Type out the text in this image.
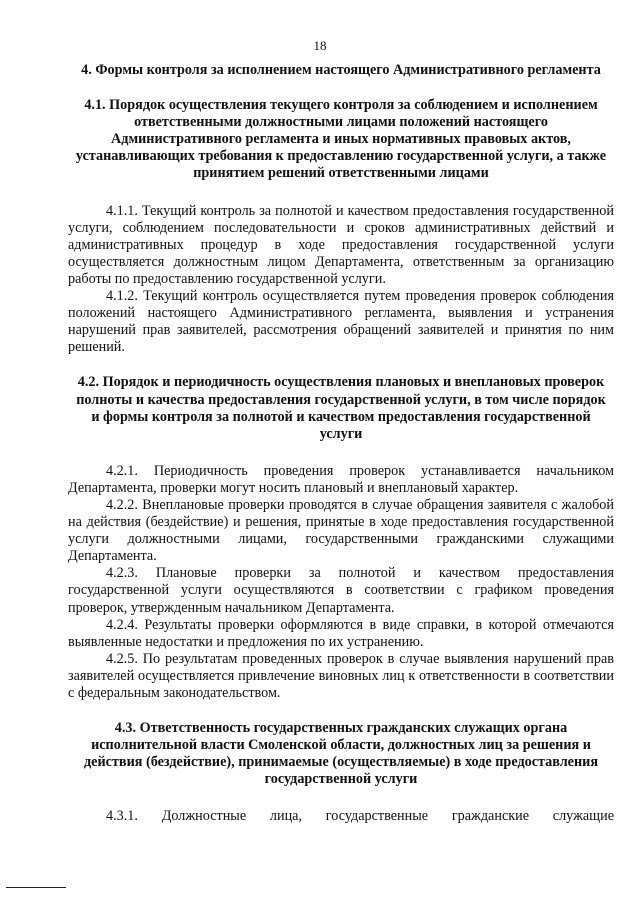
18
4. Формы контроля за исполнением настоящего Административного регламента
4.1. Порядок осуществления текущего контроля за соблюдением и исполнением ответственными должностными лицами положений настоящего Административного регламента и иных нормативных правовых актов, устанавливающих требования к предоставлению государственной услуги, а также принятием решений ответственными лицами

4.1.1. Текущий контроль за полнотой и качеством предоставления государственной услуги, соблюдением последовательности и сроков административных действий и административных процедур в ходе предоставления государственной услуги осуществляется должностным лицом Департамента, ответственным за организацию работы по предоставлению государственной услуги.

4.1.2. Текущий контроль осуществляется путем проведения проверок соблюдения положений настоящего Административного регламента, выявления и устранения нарушений прав заявителей, рассмотрения обращений заявителей и принятия по ним решений.

4.2. Порядок и периодичность осуществления плановых и внеплановых проверок полноты и качества предоставления государственной услуги, в том числе порядок и формы контроля за полнотой и качеством предоставления государственной услуги

4.2.1. Периодичность проведения проверок устанавливается начальником Департамента, проверки могут носить плановый и внеплановый характер.

4.2.2. Внеплановые проверки проводятся в случае обращения заявителя с жалобой на действия (бездействие) и решения, принятые в ходе предоставления государственной услуги должностными лицами, государственными гражданскими служащими Департамента.

4.2.3. Плановые проверки за полнотой и качеством предоставления государственной услуги осуществляются в соответствии с графиком проведения проверок, утвержденным начальником Департамента.

4.2.4. Результаты проверки оформляются в виде справки, в которой отмечаются выявленные недостатки и предложения по их устранению.

4.2.5. По результатам проведенных проверок в случае выявления нарушений прав заявителей осуществляется привлечение виновных лиц к ответственности в соответствии с федеральным законодательством.

4.3. Ответственность государственных гражданских служащих органа исполнительной власти Смоленской области, должностных лиц за решения и действия (бездействие), принимаемые (осуществляемые) в ходе предоставления государственной услуги

4.3.1. Должностные лица, государственные гражданские служащие
